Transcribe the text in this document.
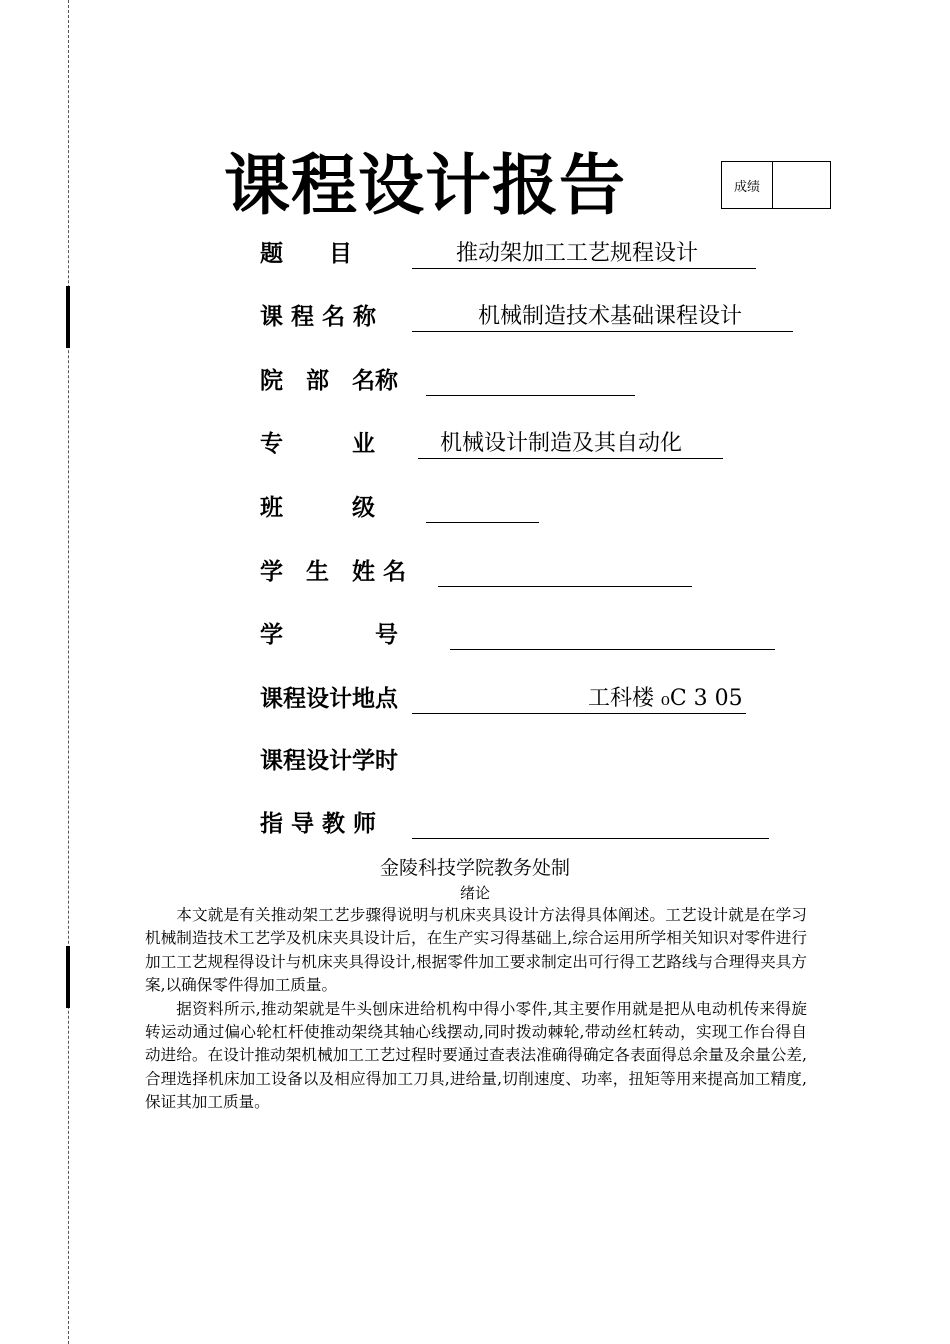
课程设计报告	成绩
题　　目	　　推动架加工工艺规程设计
课 程 名 称	　　　机械制造技术基础课程设计
院　部　名称
专　　　业	　机械设计制造及其自动化
班　　　级
学　生　姓 名
学　　　　号
课程设计地点 　　　　　　　　工科楼 ₀C 3 05
课程设计学时
指 导 教 师
金陵科技学院教务处制
绪论

本文就是有关推动架工艺步骤得说明与机床夹具设计方法得具体阐述。工艺设计就是在学习机械制造技术工艺学及机床夹具设计后，在生产实习得基础上,综合运用所学相关知识对零件进行加工工艺规程得设计与机床夹具得设计,根据零件加工要求制定出可行得工艺路线与合理得夹具方案,以确保零件得加工质量。

据资料所示,推动架就是牛头刨床进给机构中得小零件,其主要作用就是把从电动机传来得旋转运动通过偏心轮杠杆使推动架绕其轴心线摆动,同时拨动棘轮,带动丝杠转动，实现工作台得自动进给。在设计推动架机械加工工艺过程时要通过查表法准确得确定各表面得总余量及余量公差,合理选择机床加工设备以及相应得加工刀具,进给量,切削速度、功率，扭矩等用来提高加工精度,保证其加工质量。
